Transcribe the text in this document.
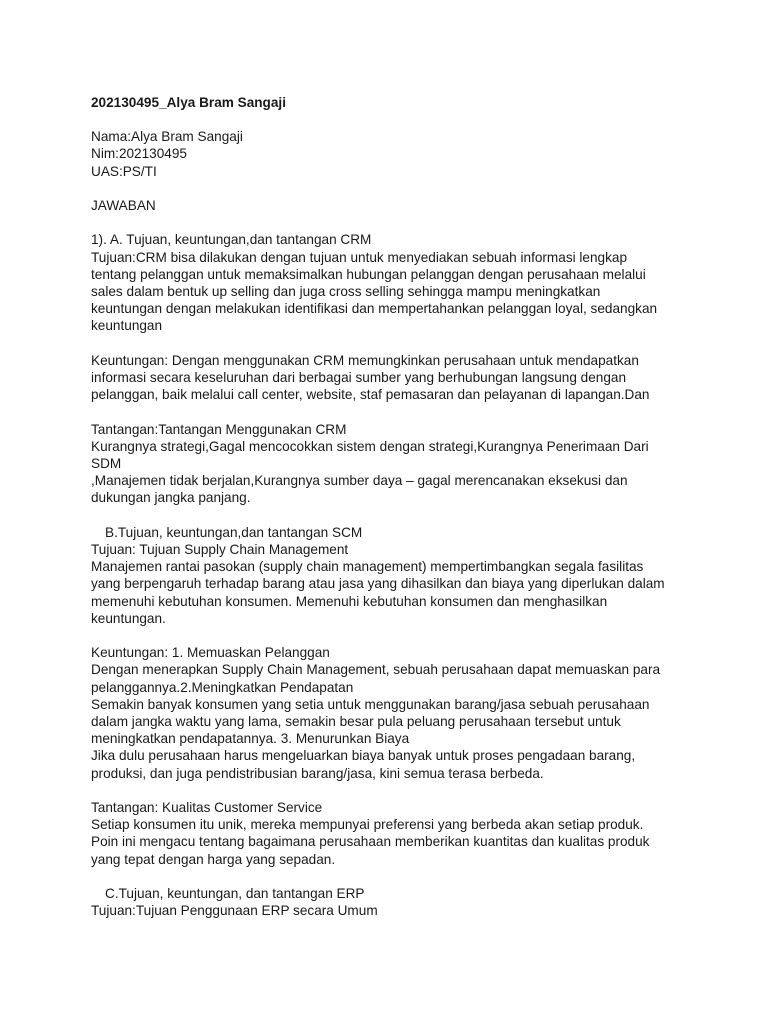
202130495_Alya Bram Sangaji
Nama:Alya Bram Sangaji
Nim:202130495
UAS:PS/TI
JAWABAN
1). A. Tujuan, keuntungan,dan tantangan CRM
Tujuan:CRM bisa dilakukan dengan tujuan untuk menyediakan sebuah informasi lengkap
tentang pelanggan untuk memaksimalkan hubungan pelanggan dengan perusahaan melalui
sales dalam bentuk up selling dan juga cross selling sehingga mampu meningkatkan
keuntungan dengan melakukan identifikasi dan mempertahankan pelanggan loyal, sedangkan
keuntungan
Keuntungan: Dengan menggunakan CRM memungkinkan perusahaan untuk mendapatkan
informasi secara keseluruhan dari berbagai sumber yang berhubungan langsung dengan
pelanggan, baik melalui call center, website, staf pemasaran dan pelayanan di lapangan.Dan
Tantangan:Tantangan Menggunakan CRM
Kurangnya strategi,Gagal mencocokkan sistem dengan strategi,Kurangnya Penerimaan Dari
SDM
,Manajemen tidak berjalan,Kurangnya sumber daya – gagal merencanakan eksekusi dan
dukungan jangka panjang.
B.Tujuan, keuntungan,dan tantangan SCM
Tujuan: Tujuan Supply Chain Management
Manajemen rantai pasokan (supply chain management) mempertimbangkan segala fasilitas
yang berpengaruh terhadap barang atau jasa yang dihasilkan dan biaya yang diperlukan dalam
memenuhi kebutuhan konsumen. Memenuhi kebutuhan konsumen dan menghasilkan
keuntungan.
Keuntungan: 1. Memuaskan Pelanggan
Dengan menerapkan Supply Chain Management, sebuah perusahaan dapat memuaskan para
pelanggannya.2.Meningkatkan Pendapatan
Semakin banyak konsumen yang setia untuk menggunakan barang/jasa sebuah perusahaan
dalam jangka waktu yang lama, semakin besar pula peluang perusahaan tersebut untuk
meningkatkan pendapatannya. 3. Menurunkan Biaya
Jika dulu perusahaan harus mengeluarkan biaya banyak untuk proses pengadaan barang,
produksi, dan juga pendistribusian barang/jasa, kini semua terasa berbeda.
Tantangan: Kualitas Customer Service
Setiap konsumen itu unik, mereka mempunyai preferensi yang berbeda akan setiap produk.
Poin ini mengacu tentang bagaimana perusahaan memberikan kuantitas dan kualitas produk
yang tepat dengan harga yang sepadan.
C.Tujuan, keuntungan, dan tantangan ERP
Tujuan:Tujuan Penggunaan ERP secara Umum
